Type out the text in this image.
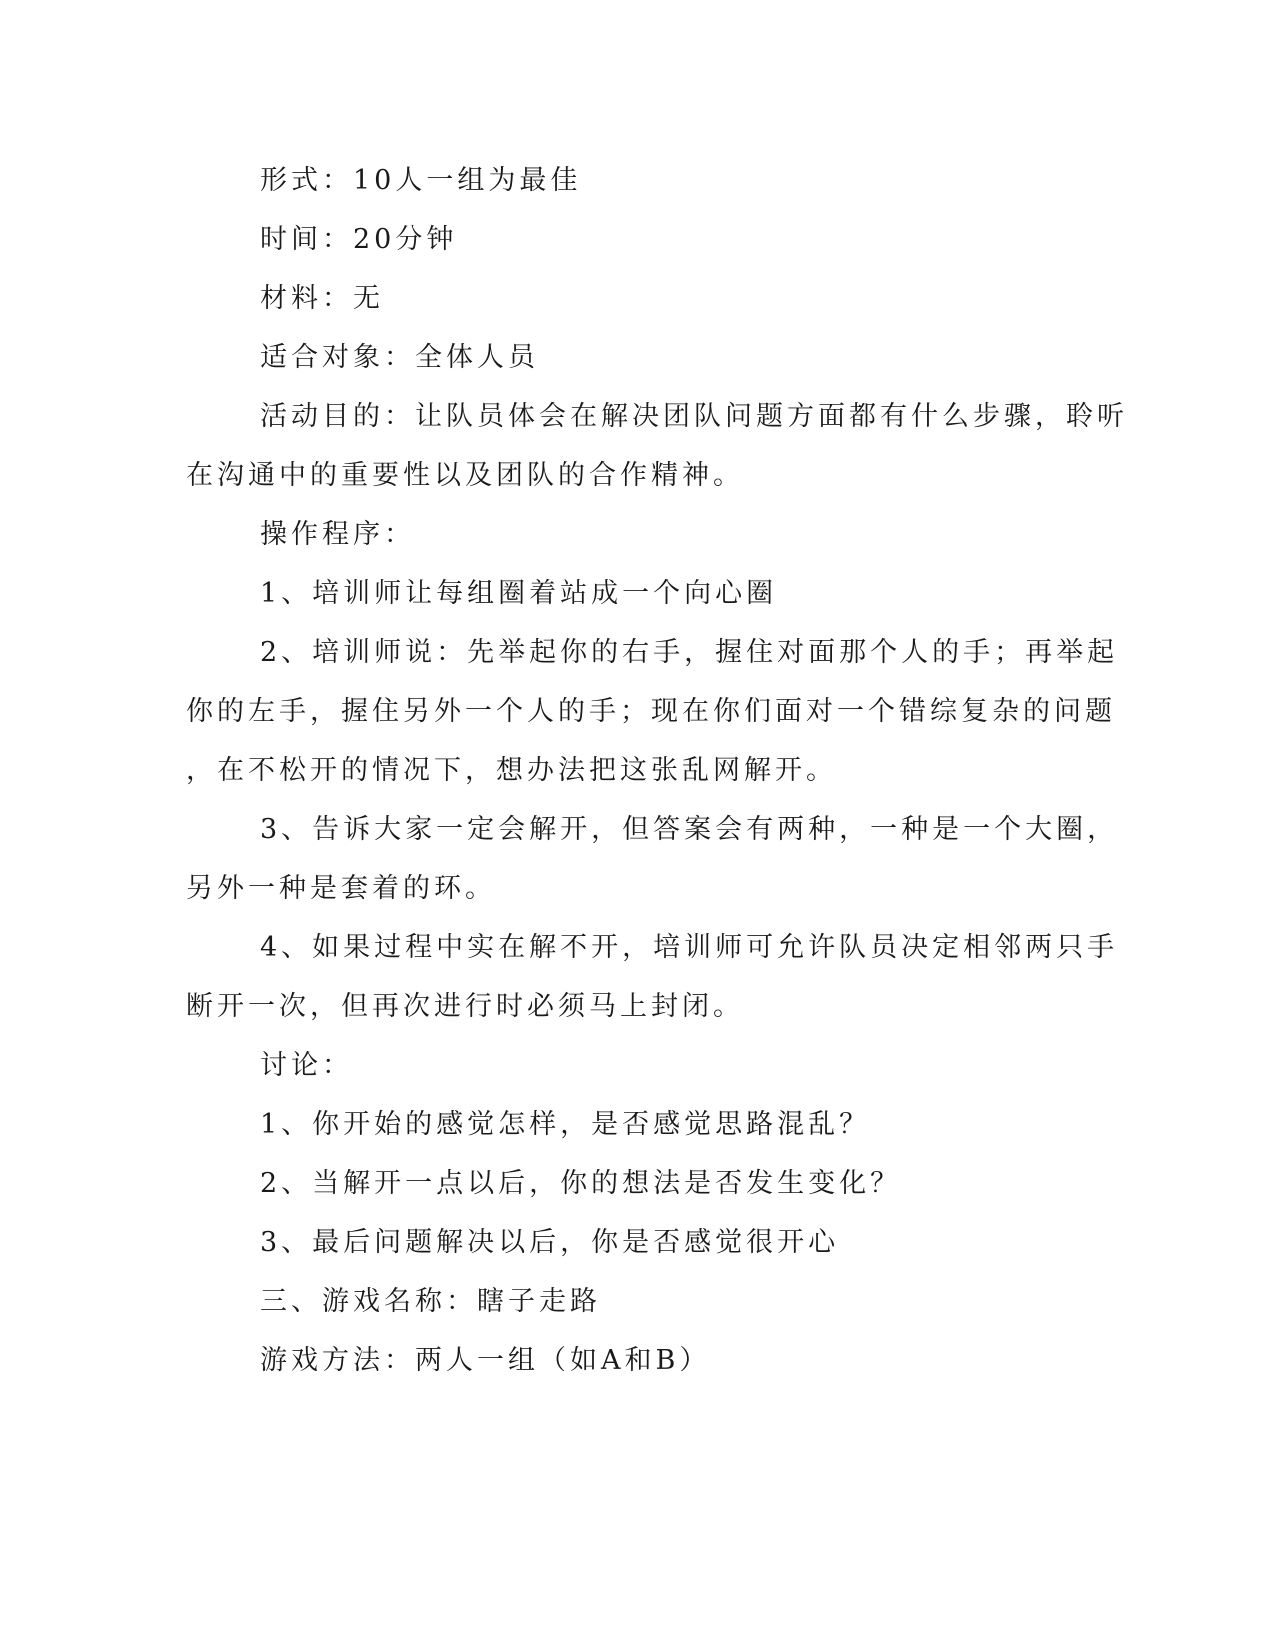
形式：10人一组为最佳

时间：20分钟

材料：无

适合对象：全体人员

活动目的：让队员体会在解决团队问题方面都有什么步骤，聆听

在沟通中的重要性以及团队的合作精神。

操作程序：

1、培训师让每组圈着站成一个向心圈

2、培训师说：先举起你的右手，握住对面那个人的手；再举起

你的左手，握住另外一个人的手；现在你们面对一个错综复杂的问题

，在不松开的情况下，想办法把这张乱网解开。

3、告诉大家一定会解开，但答案会有两种，一种是一个大圈，

另外一种是套着的环。

4、如果过程中实在解不开，培训师可允许队员决定相邻两只手

断开一次，但再次进行时必须马上封闭。

讨论：

1、你开始的感觉怎样，是否感觉思路混乱？

2、当解开一点以后，你的想法是否发生变化？

3、最后问题解决以后，你是否感觉很开心

三、游戏名称：瞎子走路

游戏方法：两人一组（如A和B）
